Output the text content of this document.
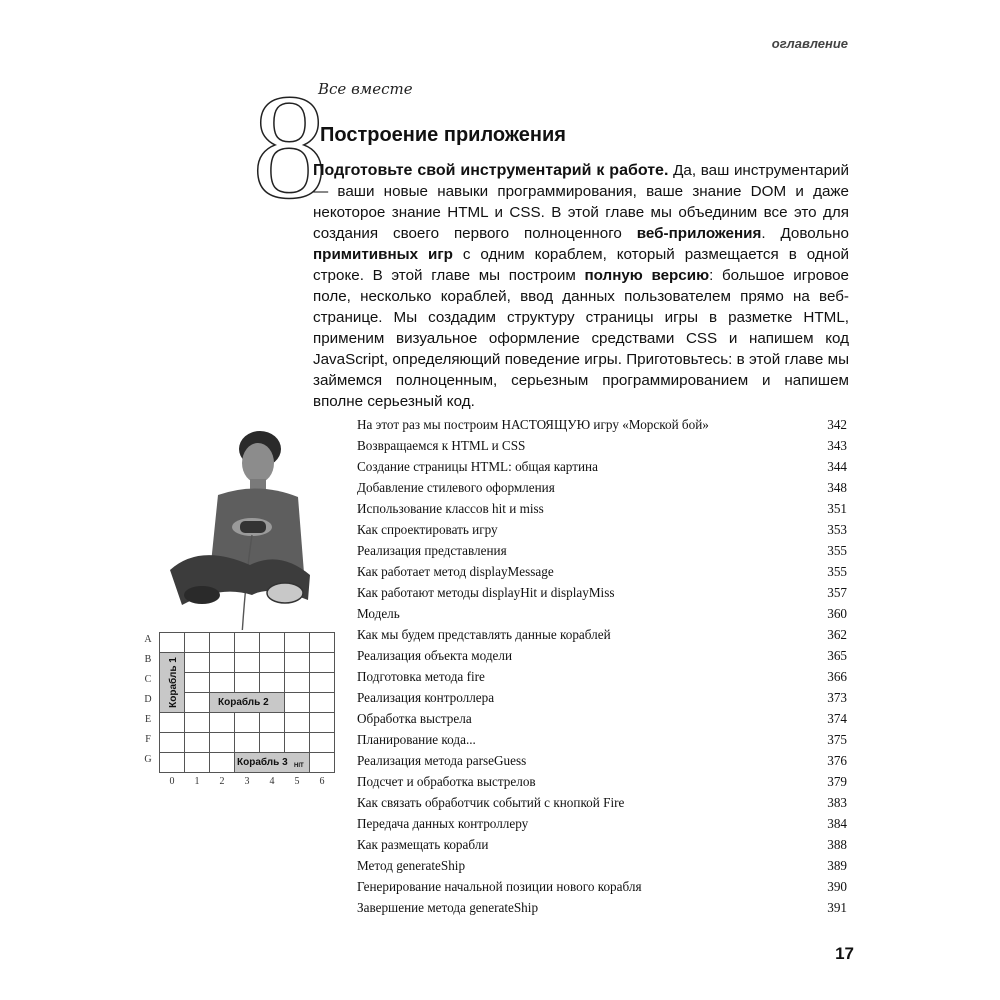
оглавление
Все вместе
8
Построение приложения
Подготовьте свой инструментарий к работе. Да, ваш инструментарий — ваши новые навыки программирования, ваше знание DOM и даже некоторое знание HTML и CSS. В этой главе мы объединим все это для создания своего первого полноценного веб-приложения. Довольно примитивных игр с одним кораблем, который размещается в одной строке. В этой главе мы построим полную версию: большое игровое поле, несколько кораблей, ввод данных пользователем прямо на веб-странице. Мы создадим структуру страницы игры в разметке HTML, применим визуальное оформление средствами CSS и напишем код JavaScript, определяющий поведение игры. Приготовьтесь: в этой главе мы займемся полноценным, серьезным программированием и напишем вполне серьезный код.
A
B
C
D
E
F
G
Корабль 1	Корабль 2
Корабль 3 HIT
0	1	2	3	4	5	6
На этот раз мы построим НАСТОЯЩУЮ игру «Морской бой»	342
Возвращаемся к HTML и CSS	343
Создание страницы HTML: общая картина	344
Добавление стилевого оформления	348
Использование классов hit и miss	351
Как спроектировать игру	353
Реализация представления	355
Как работает метод displayMessage	355
Как работают методы displayHit и displayMiss	357
Модель	360
Как мы будем представлять данные кораблей	362
Реализация объекта модели	365
Подготовка метода fire	366
Реализация контроллера	373
Обработка выстрела	374
Планирование кода...	375
Реализация метода parseGuess	376
Подсчет и обработка выстрелов	379
Как связать обработчик событий с кнопкой Fire	383
Передача данных контроллеру	384
Как размещать корабли	388
Метод generateShip	389
Генерирование начальной позиции нового корабля	390
Завершение метода generateShip	391
17
